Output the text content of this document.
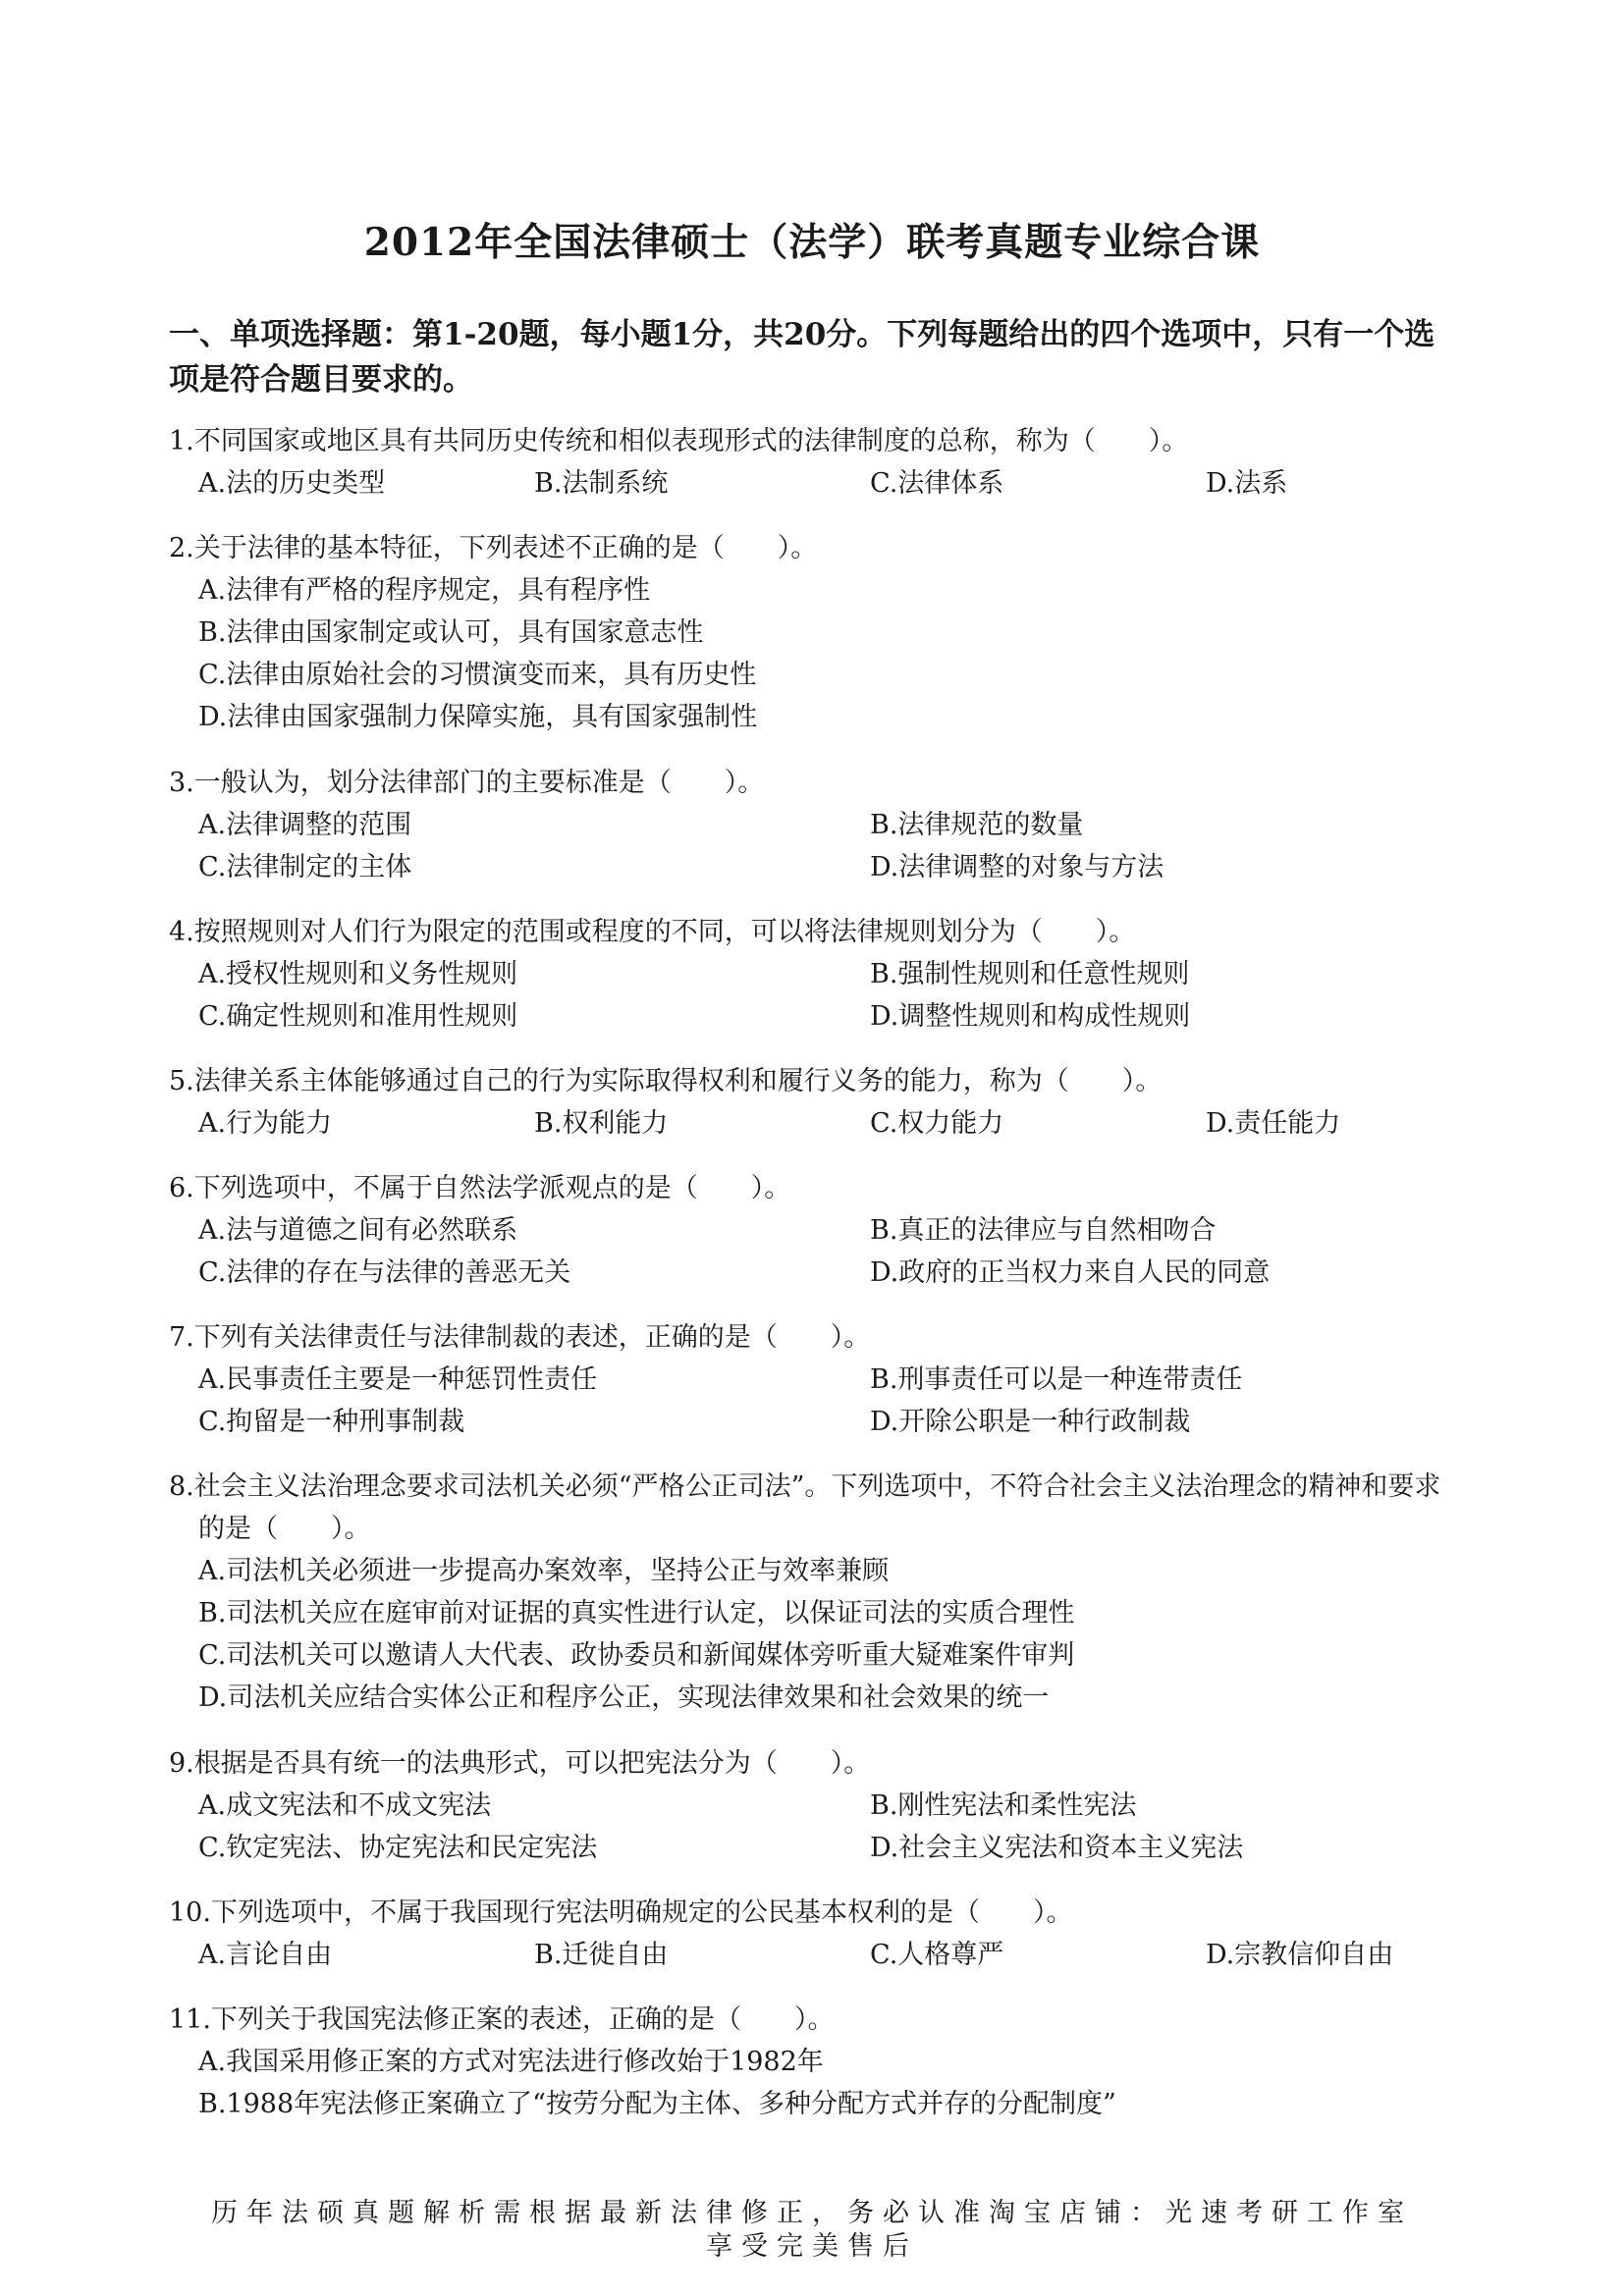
2012年全国法律硕士（法学）联考真题专业综合课
一、单项选择题：第1-20题，每小题1分，共20分。下列每题给出的四个选项中，只有一个选项是符合题目要求的。
1.不同国家或地区具有共同历史传统和相似表现形式的法律制度的总称，称为（　　）。
A.法的历史类型	B.法制系统	C.法律体系	D.法系
2.关于法律的基本特征，下列表述不正确的是（　　）。
A.法律有严格的程序规定，具有程序性
B.法律由国家制定或认可，具有国家意志性
C.法律由原始社会的习惯演变而来，具有历史性
D.法律由国家强制力保障实施，具有国家强制性
3.一般认为，划分法律部门的主要标准是（　　）。
A.法律调整的范围	B.法律规范的数量
C.法律制定的主体	D.法律调整的对象与方法
4.按照规则对人们行为限定的范围或程度的不同，可以将法律规则划分为（　　）。
A.授权性规则和义务性规则	B.强制性规则和任意性规则
C.确定性规则和准用性规则	D.调整性规则和构成性规则
5.法律关系主体能够通过自己的行为实际取得权利和履行义务的能力，称为（　　）。
A.行为能力	B.权利能力	C.权力能力	D.责任能力
6.下列选项中，不属于自然法学派观点的是（　　）。
A.法与道德之间有必然联系	B.真正的法律应与自然相吻合
C.法律的存在与法律的善恶无关	D.政府的正当权力来自人民的同意
7.下列有关法律责任与法律制裁的表述，正确的是（　　）。
A.民事责任主要是一种惩罚性责任	B.刑事责任可以是一种连带责任
C.拘留是一种刑事制裁	D.开除公职是一种行政制裁
8.社会主义法治理念要求司法机关必须“严格公正司法”。下列选项中，不符合社会主义法治理念的精神和要求的是（　　）。
A.司法机关必须进一步提高办案效率，坚持公正与效率兼顾
B.司法机关应在庭审前对证据的真实性进行认定，以保证司法的实质合理性
C.司法机关可以邀请人大代表、政协委员和新闻媒体旁听重大疑难案件审判
D.司法机关应结合实体公正和程序公正，实现法律效果和社会效果的统一
9.根据是否具有统一的法典形式，可以把宪法分为（　　）。
A.成文宪法和不成文宪法	B.刚性宪法和柔性宪法
C.钦定宪法、协定宪法和民定宪法	D.社会主义宪法和资本主义宪法
10.下列选项中，不属于我国现行宪法明确规定的公民基本权利的是（　　）。
A.言论自由	B.迁徙自由	C.人格尊严	D.宗教信仰自由
11.下列关于我国宪法修正案的表述，正确的是（　　）。
A.我国采用修正案的方式对宪法进行修改始于1982年
B.1988年宪法修正案确立了“按劳分配为主体、多种分配方式并存的分配制度”
历年法硕真题解析需根据最新法律修正，务必认准淘宝店铺：光速考研工作室
享受完美售后
